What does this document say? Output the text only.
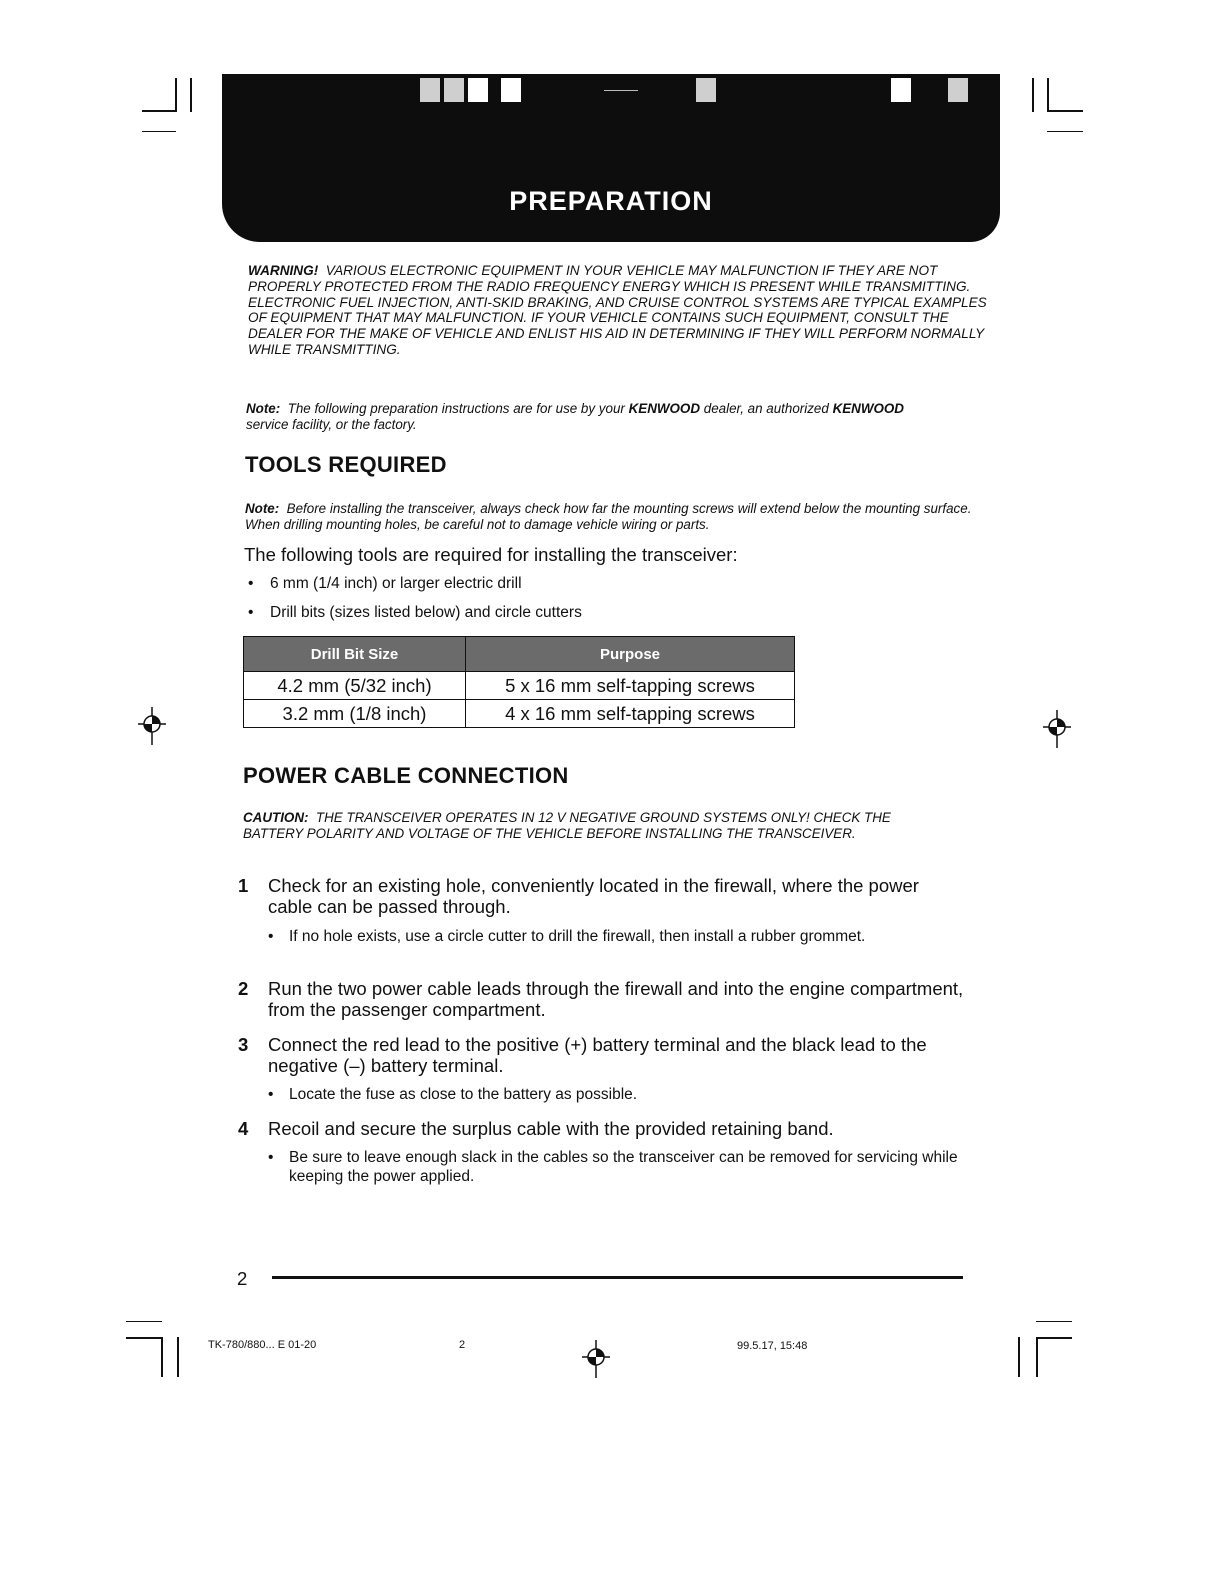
PREPARATION
WARNING! VARIOUS ELECTRONIC EQUIPMENT IN YOUR VEHICLE MAY MALFUNCTION IF THEY ARE NOT PROPERLY PROTECTED FROM THE RADIO FREQUENCY ENERGY WHICH IS PRESENT WHILE TRANSMITTING. ELECTRONIC FUEL INJECTION, ANTI-SKID BRAKING, AND CRUISE CONTROL SYSTEMS ARE TYPICAL EXAMPLES OF EQUIPMENT THAT MAY MALFUNCTION. IF YOUR VEHICLE CONTAINS SUCH EQUIPMENT, CONSULT THE DEALER FOR THE MAKE OF VEHICLE AND ENLIST HIS AID IN DETERMINING IF THEY WILL PERFORM NORMALLY WHILE TRANSMITTING.
Note: The following preparation instructions are for use by your KENWOOD dealer, an authorized KENWOOD service facility, or the factory.
TOOLS REQUIRED
Note: Before installing the transceiver, always check how far the mounting screws will extend below the mounting surface. When drilling mounting holes, be careful not to damage vehicle wiring or parts.
The following tools are required for installing the transceiver:
• 6 mm (1/4 inch) or larger electric drill
• Drill bits (sizes listed below) and circle cutters
Drill Bit Size	Purpose
4.2 mm (5/32 inch)	5 x 16 mm self-tapping screws
3.2 mm (1/8 inch)	4 x 16 mm self-tapping screws
POWER CABLE CONNECTION
CAUTION: THE TRANSCEIVER OPERATES IN 12 V NEGATIVE GROUND SYSTEMS ONLY! CHECK THE BATTERY POLARITY AND VOLTAGE OF THE VEHICLE BEFORE INSTALLING THE TRANSCEIVER.
1 Check for an existing hole, conveniently located in the firewall, where the power cable can be passed through.
• If no hole exists, use a circle cutter to drill the firewall, then install a rubber grommet.
2 Run the two power cable leads through the firewall and into the engine compartment, from the passenger compartment.
3 Connect the red lead to the positive (+) battery terminal and the black lead to the negative (–) battery terminal.
• Locate the fuse as close to the battery as possible.
4 Recoil and secure the surplus cable with the provided retaining band.
• Be sure to leave enough slack in the cables so the transceiver can be removed for servicing while keeping the power applied.
2
TK-780/880... E 01-20	2	99.5.17, 15:48
